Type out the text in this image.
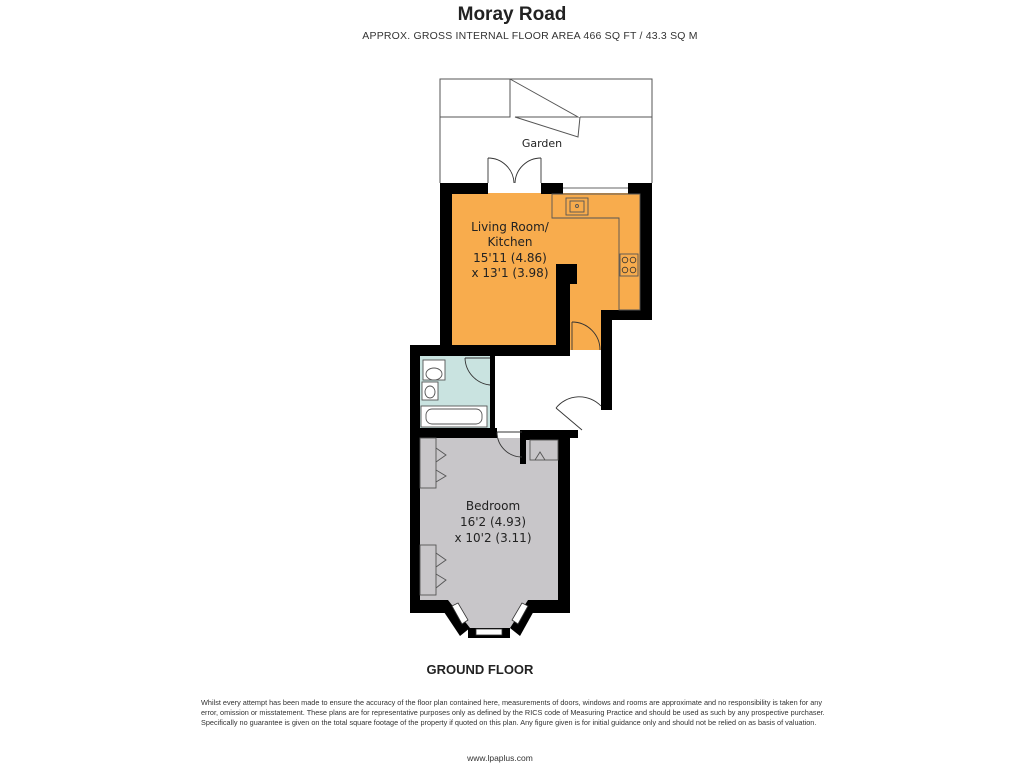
Moray Road
APPROX. GROSS INTERNAL FLOOR AREA 466 SQ FT / 43.3 SQ M
Garden
Living Room/
Kitchen
15'11 (4.86)
x 13'1 (3.98)
Bedroom
16'2 (4.93)
x 10'2 (3.11)
GROUND FLOOR
Whilst every attempt has been made to ensure the accuracy of the floor plan contained here, measurements of doors, windows and rooms are approximate and no responsibility is taken for any error, omission or misstatement. These plans are for representative purposes only as defined by the RICS code of Measuring Practice and should be used as such by any prospective purchaser. Specifically no guarantee is given on the total square footage of the property if quoted on this plan. Any figure given is for initial guidance only and should not be relied on as basis of valuation.
www.lpaplus.com
